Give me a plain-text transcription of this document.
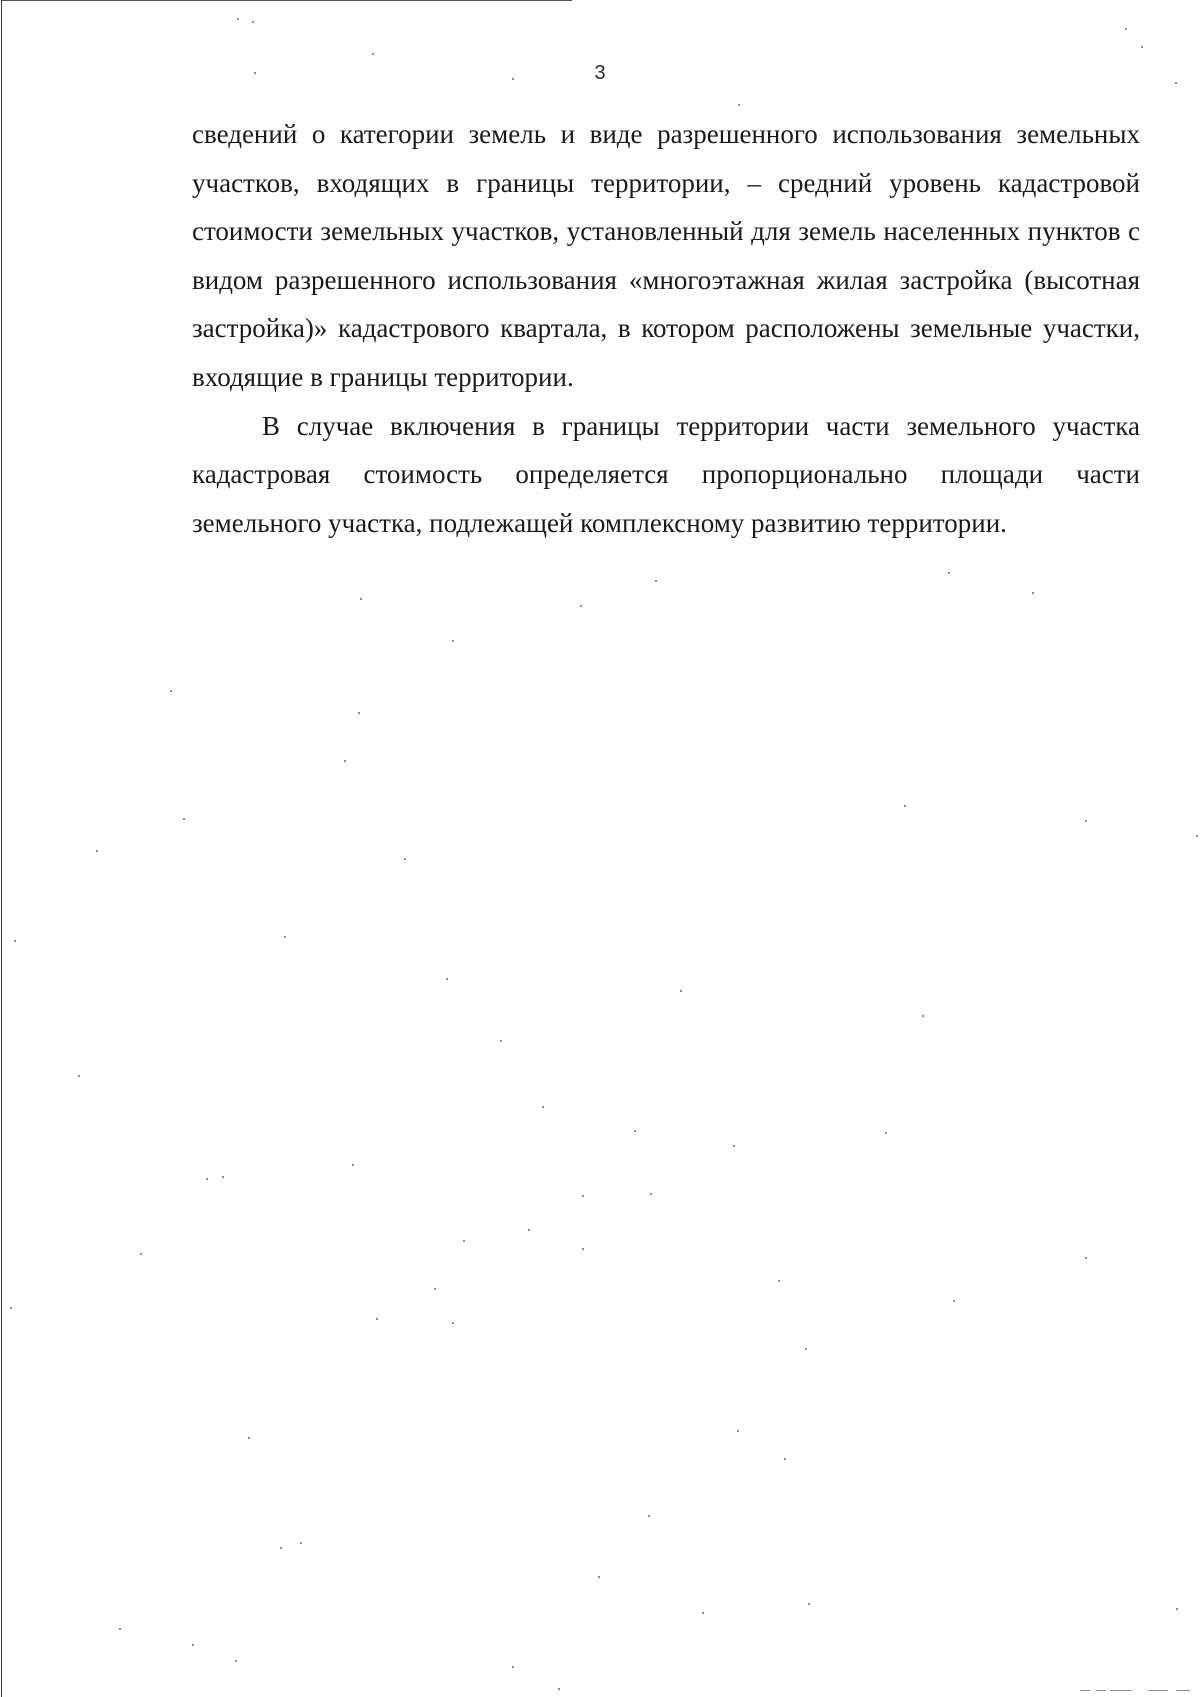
3

сведений о категории земель и виде разрешенного использования земельных участков, входящих в границы территории, – средний уровень кадастровой стоимости земельных участков, установленный для земель населенных пунктов с видом разрешенного использования «многоэтажная жилая застройка (высотная застройка)» кадастрового квартала, в котором расположены земельные участки, входящие в границы территории.

В случае включения в границы территории части земельного участка кадастровая стоимость определяется пропорционально площади части земельного участка, подлежащей комплексному развитию территории.
